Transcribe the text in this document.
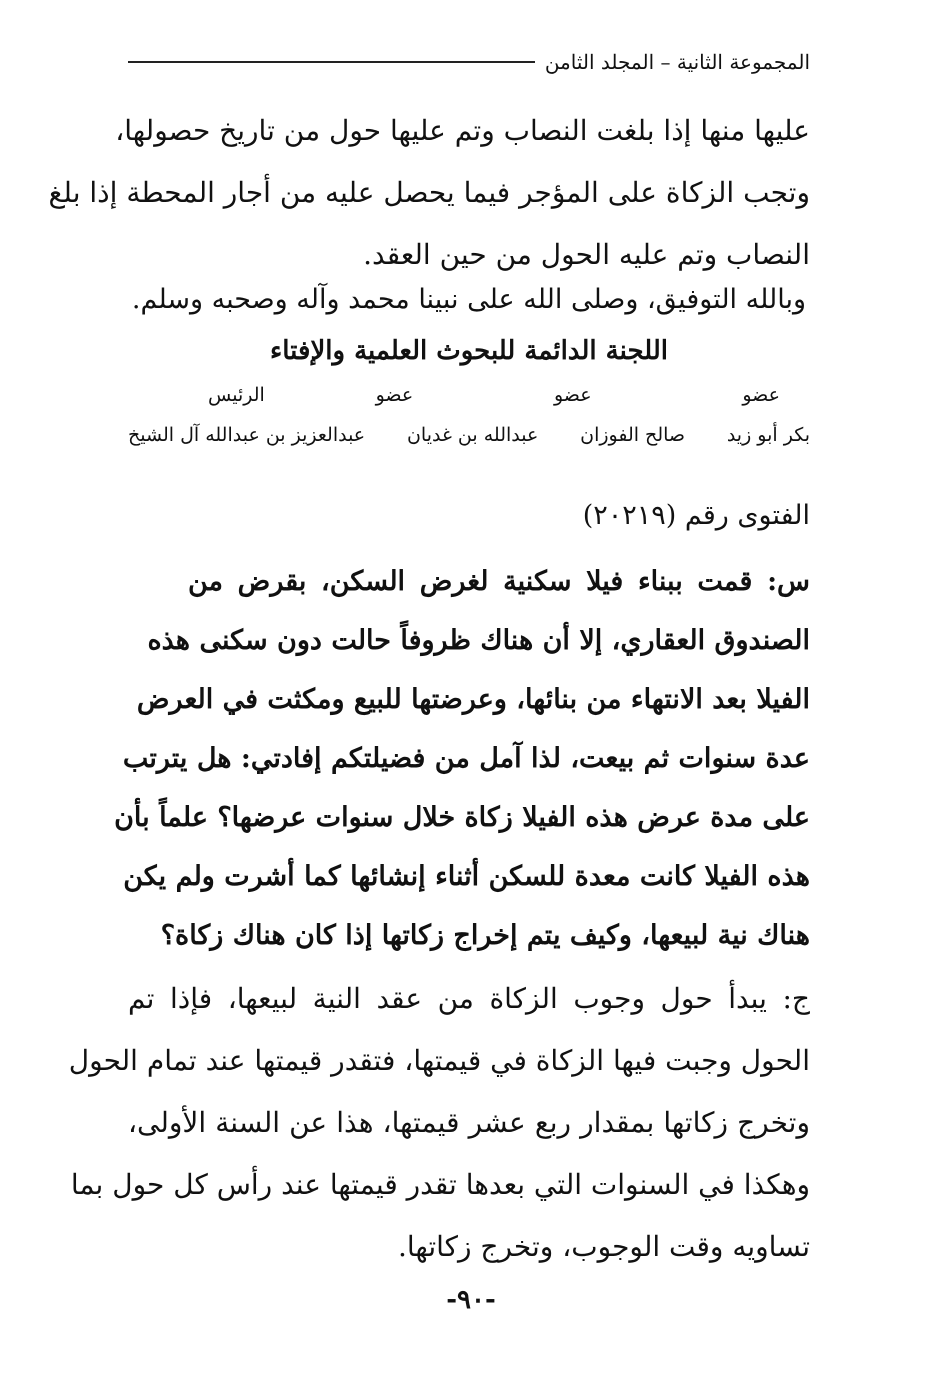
المجموعة الثانية – المجلد الثامن
عليها منها إذا بلغت النصاب وتم عليها حول من تاريخ حصولها،
وتجب الزكاة على المؤجر فيما يحصل عليه من أجار المحطة إذا بلغ
النصاب وتم عليه الحول من حين العقد.
وبالله التوفيق، وصلى الله على نبينا محمد وآله وصحبه وسلم.
اللجنة الدائمة للبحوث العلمية والإفتاء
عضو
عضو
عضو
الرئيس
بكر أبو زيد
صالح الفوزان
عبدالله بن غديان
عبدالعزيز بن عبدالله آل الشيخ
الفتوى رقم (٢٠٢١٩)
س: قمت ببناء فيلا سكنية لغرض السكن، بقرض من
الصندوق العقاري، إلا أن هناك ظروفاً حالت دون سكنى هذه
الفيلا بعد الانتهاء من بنائها، وعرضتها للبيع ومكثت في العرض
عدة سنوات ثم بيعت، لذا آمل من فضيلتكم إفادتي: هل يترتب
على مدة عرض هذه الفيلا زكاة خلال سنوات عرضها؟ علماً بأن
هذه الفيلا كانت معدة للسكن أثناء إنشائها كما أشرت ولم يكن
هناك نية لبيعها، وكيف يتم إخراج زكاتها إذا كان هناك زكاة؟
ج: يبدأ حول وجوب الزكاة من عقد النية لبيعها، فإذا تم
الحول وجبت فيها الزكاة في قيمتها، فتقدر قيمتها عند تمام الحول
وتخرج زكاتها بمقدار ربع عشر قيمتها، هذا عن السنة الأولى،
وهكذا في السنوات التي بعدها تقدر قيمتها عند رأس كل حول بما
تساويه وقت الوجوب، وتخرج زكاتها.
-٩٠-
